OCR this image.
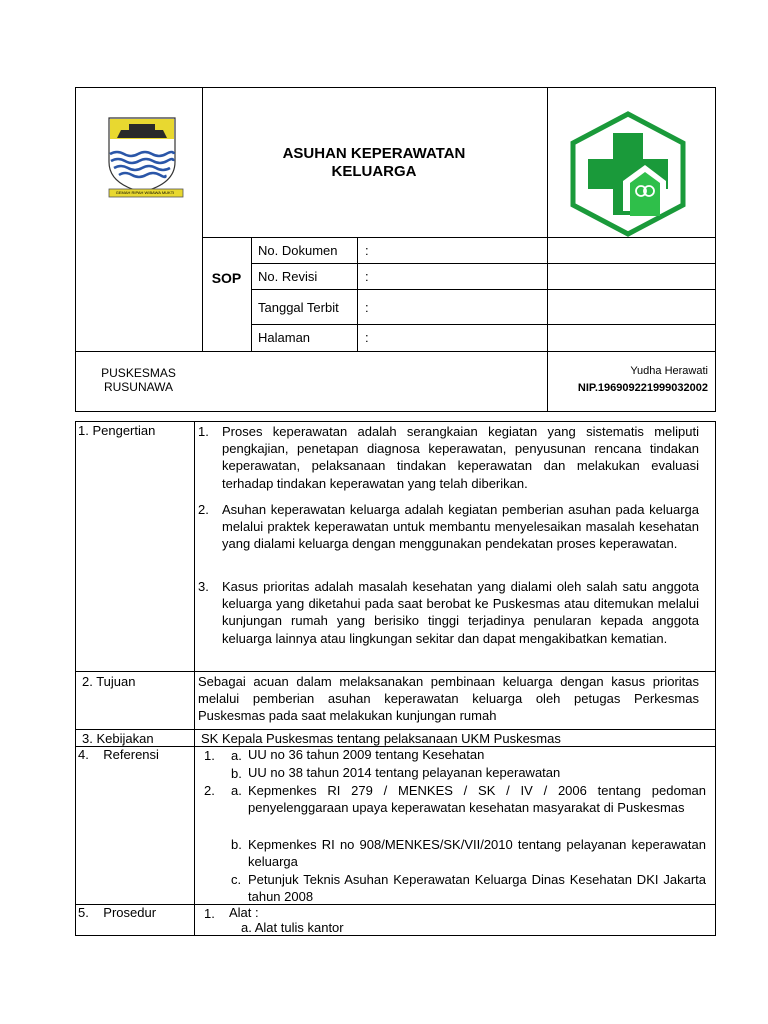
GEMAH RIPAH WIBAWA MUKTI
ASUHAN KEPERAWATAN
KELUARGA
SOP
No. Dokumen :
No. Revisi	:
Tanggal Terbit :
Halaman	:
PUSKESMAS
RUSUNAWA
Yudha Herawati
NIP.196909221999032002
1. Pengertian	1. Proses keperawatan adalah serangkaian kegiatan yang sistematis meliputi pengkajian, penetapan diagnosa keperawatan, penyusunan rencana tindakan keperawatan, pelaksanaan tindakan keperawatan dan melakukan evaluasi terhadap tindakan keperawatan yang telah diberikan.
2. Asuhan keperawatan keluarga adalah kegiatan pemberian asuhan pada keluarga melalui praktek keperawatan untuk membantu menyelesaikan masalah kesehatan yang dialami keluarga dengan menggunakan pendekatan proses keperawatan.
3. Kasus prioritas adalah masalah kesehatan yang dialami oleh salah satu anggota keluarga yang diketahui pada saat berobat ke Puskesmas atau ditemukan melalui kunjungan rumah yang berisiko tinggi terjadinya penularan kepada anggota keluarga lainnya atau lingkungan sekitar dan dapat mengakibatkan kematian.
2. Tujuan	Sebagai acuan dalam melaksanakan pembinaan keluarga dengan kasus prioritas melalui pemberian asuhan keperawatan keluarga oleh petugas Perkesmas Puskesmas pada saat melakukan kunjungan rumah
3. Kebijakan	SK Kepala Puskesmas tentang pelaksanaan UKM Puskesmas
4.    Referensi	1. a. UU no 36 tahun 2009 tentang Kesehatan
b. UU no 38 tahun 2014 tentang pelayanan keperawatan
2. a. Kepmenkes RI 279 / MENKES / SK / IV / 2006 tentang pedoman penyelenggaraan upaya keperawatan kesehatan masyarakat di Puskesmas
b. Kepmenkes RI no 908/MENKES/SK/VII/2010 tentang pelayanan keperawatan keluarga
c. Petunjuk Teknis Asuhan Keperawatan Keluarga Dinas Kesehatan DKI Jakarta tahun 2008
5.    Prosedur	1. Alat :
a. Alat tulis kantor
